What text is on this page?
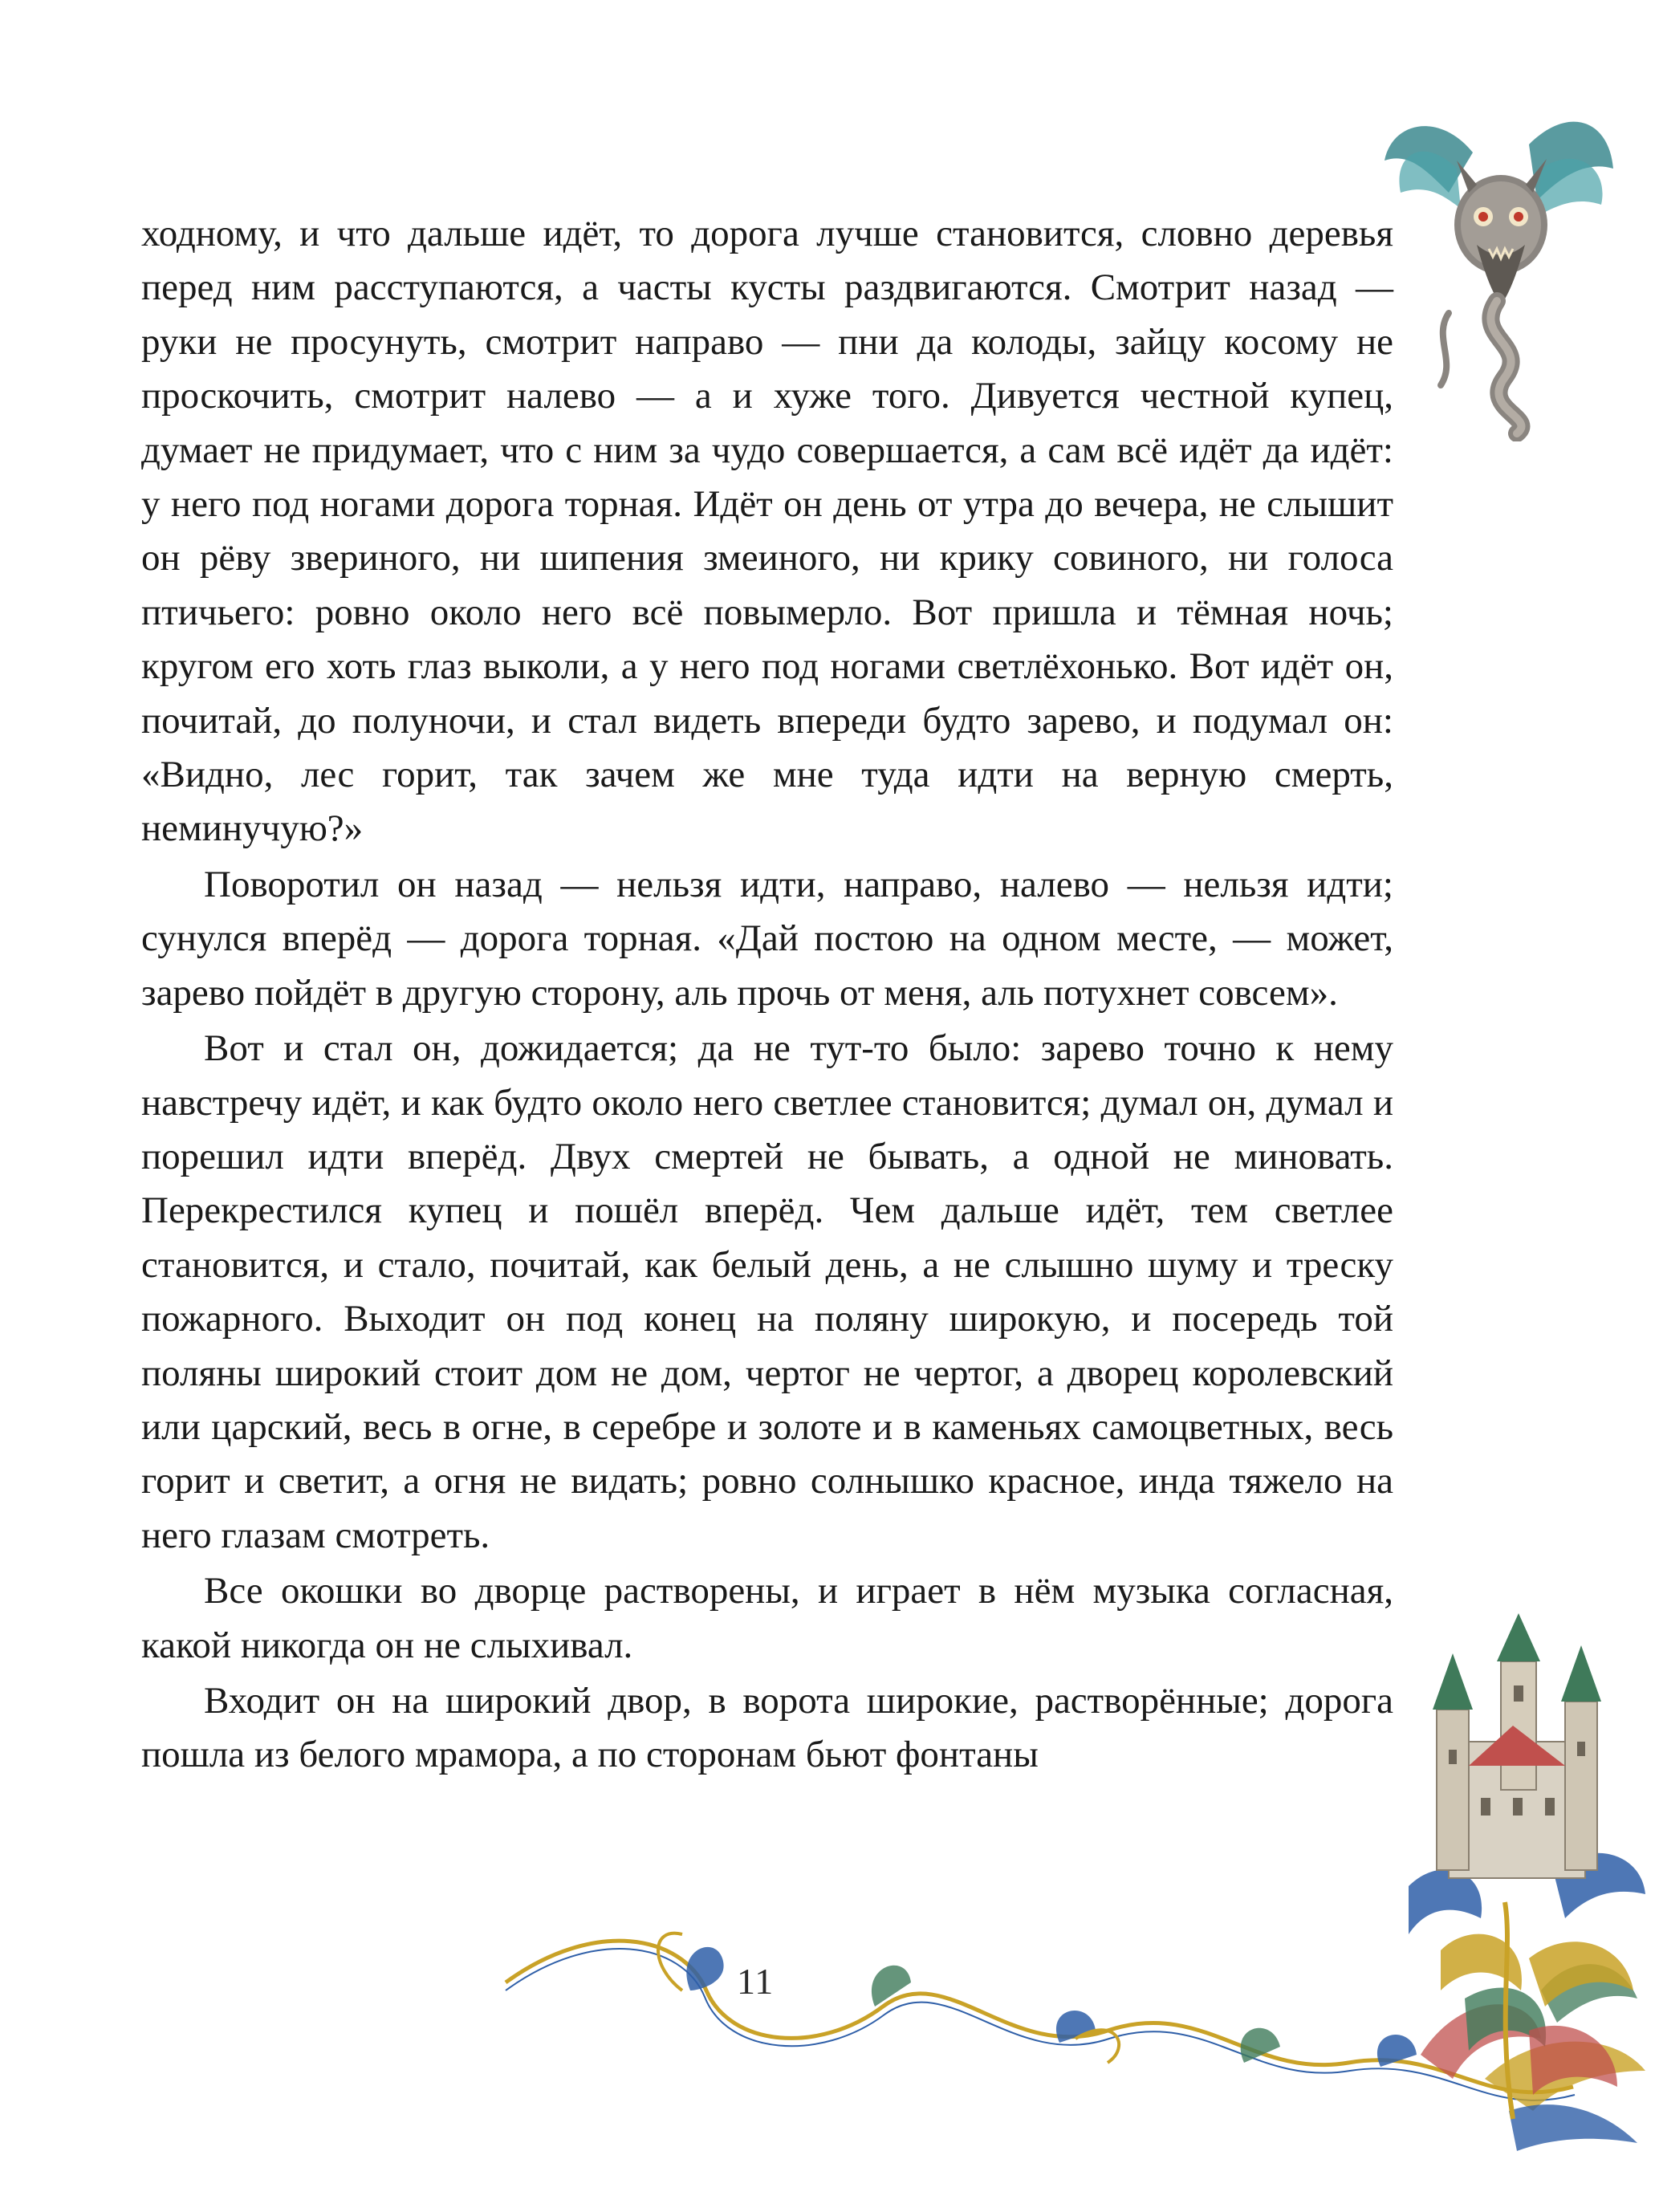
ходному, и что дальше идёт, то дорога лучше становится, словно деревья перед ним расступаются, а часты кусты раздвигаются. Смотрит назад — руки не просунуть, смотрит направо — пни да колоды, зайцу косому не проскочить, смотрит налево — а и хуже того. Дивуется честной купец, думает не придумает, что с ним за чудо совершается, а сам всё идёт да идёт: у него под ногами дорога торная. Идёт он день от утра до вечера, не слышит он рёву звериного, ни шипения змеиного, ни крику совиного, ни голоса птичьего: ровно около него всё повымерло. Вот пришла и тёмная ночь; кругом его хоть глаз выколи, а у него под ногами светлёхонько. Вот идёт он, почитай, до полуночи, и стал видеть впереди будто зарево, и подумал он: «Видно, лес горит, так зачем же мне туда идти на верную смерть, неминучую?»

Поворотил он назад — нельзя идти, направо, налево — нельзя идти; сунулся вперёд — дорога торная. «Дай постою на одном месте, — может, зарево пойдёт в другую сторону, аль прочь от меня, аль потухнет совсем».

Вот и стал он, дожидается; да не тут-то было: зарево точно к нему навстречу идёт, и как будто около него светлее становится; думал он, думал и порешил идти вперёд. Двух смертей не бывать, а одной не миновать. Перекрестился купец и пошёл вперёд. Чем дальше идёт, тем светлее становится, и стало, почитай, как белый день, а не слышно шуму и треску пожарного. Выходит он под конец на поляну широкую, и посередь той поляны широкий стоит дом не дом, чертог не чертог, а дворец королевский или царский, весь в огне, в серебре и золоте и в каменьях самоцветных, весь горит и светит, а огня не видать; ровно солнышко красное, инда тяжело на него глазам смотреть.

Все окошки во дворце растворены, и играет в нём музыка согласная, какой никогда он не слыхивал.

Входит он на широкий двор, в ворота широкие, растворённые; дорога пошла из белого мрамора, а по сторонам бьют фонтаны

11
